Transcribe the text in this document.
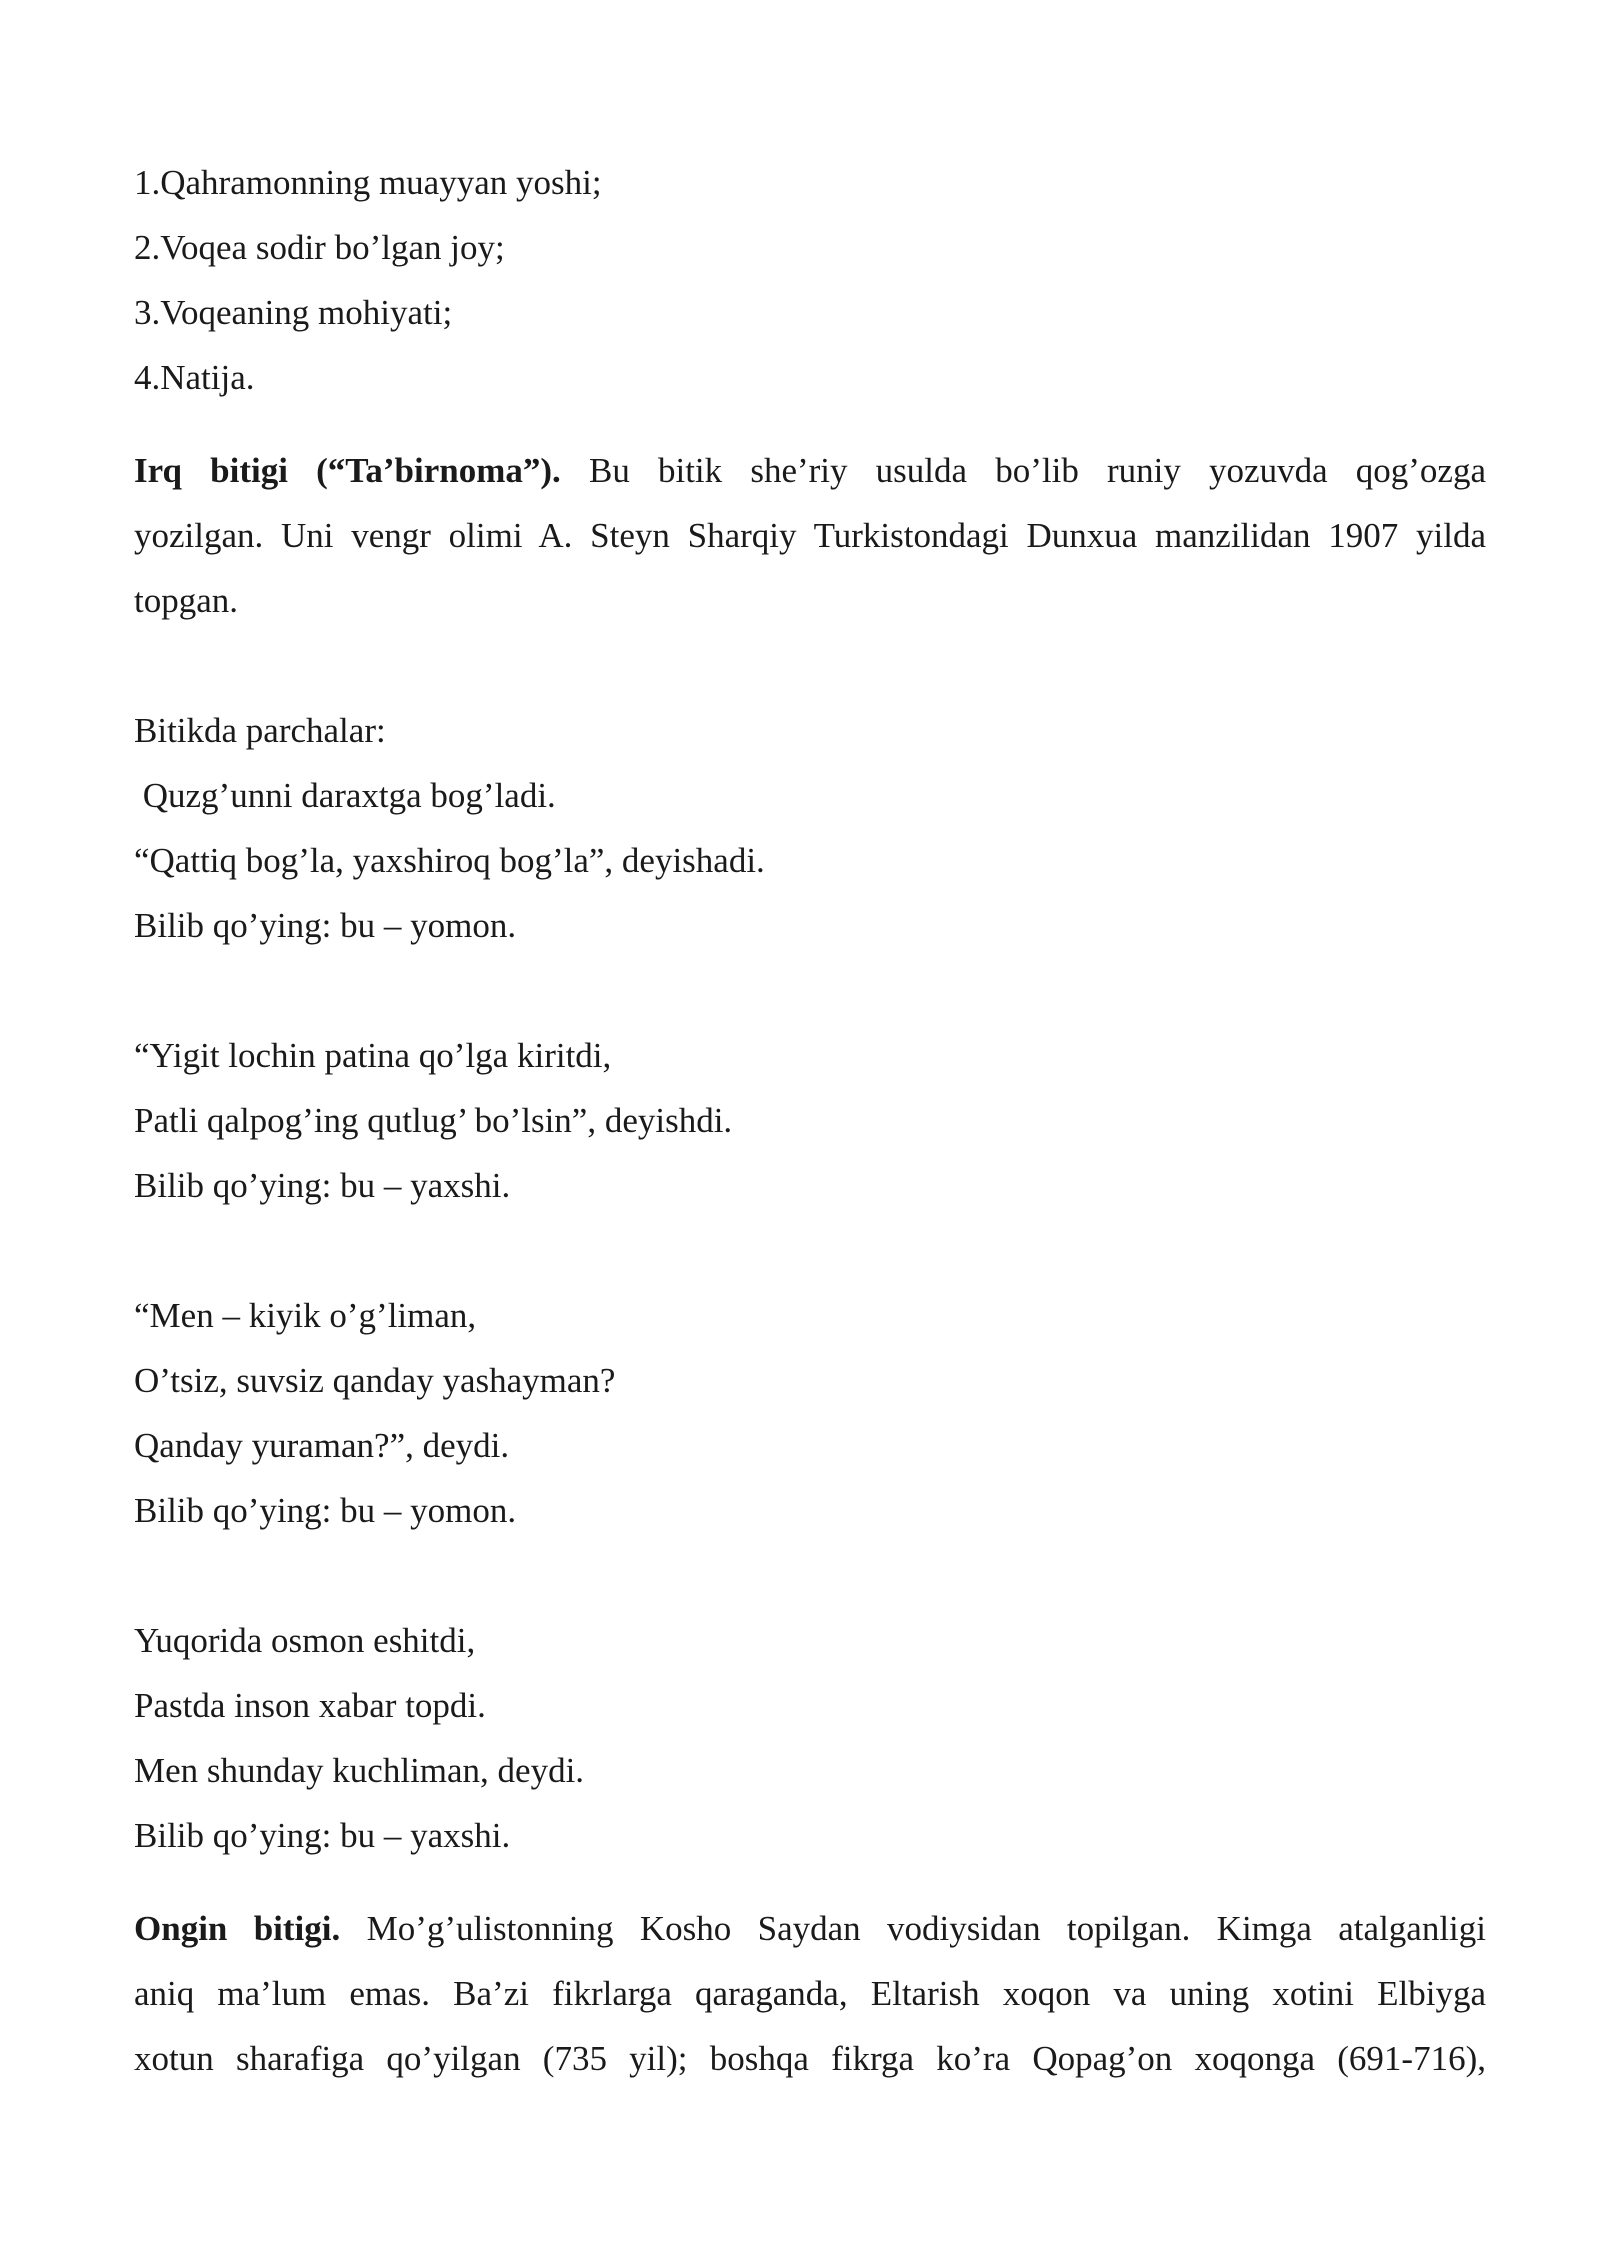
1.Qahramonning muayyan yoshi;

2.Voqea sodir bo’lgan joy;

3.Voqeaning mohiyati;

4.Natija.

Irq bitigi (“Ta’birnoma”). Bu bitik she’riy usulda bo’lib runiy yozuvda qog’ozga

yozilgan. Uni vengr olimi A. Steyn Sharqiy Turkistondagi Dunxua manzilidan 1907 yilda

topgan.

Bitikda parchalar:

Quzg’unni daraxtga bog’ladi.

“Qattiq bog’la, yaxshiroq bog’la”, deyishadi.

Bilib qo’ying: bu – yomon.

“Yigit lochin patina qo’lga kiritdi,

Patli qalpog’ing qutlug’ bo’lsin”, deyishdi.

Bilib qo’ying: bu – yaxshi.

“Men – kiyik o’g’liman,

O’tsiz, suvsiz qanday yashayman?

Qanday yuraman?”, deydi.

Bilib qo’ying: bu – yomon.

Yuqorida osmon eshitdi,

Pastda inson xabar topdi.

Men shunday kuchliman, deydi.

Bilib qo’ying: bu – yaxshi.

Ongin bitigi. Mo’g’ulistonning Kosho Saydan vodiysidan topilgan. Kimga atalganligi

aniq ma’lum emas. Ba’zi fikrlarga qaraganda, Eltarish xoqon va uning xotini Elbiyga

xotun sharafiga qo’yilgan (735 yil); boshqa fikrga ko’ra Qopag’on xoqonga (691-716),
